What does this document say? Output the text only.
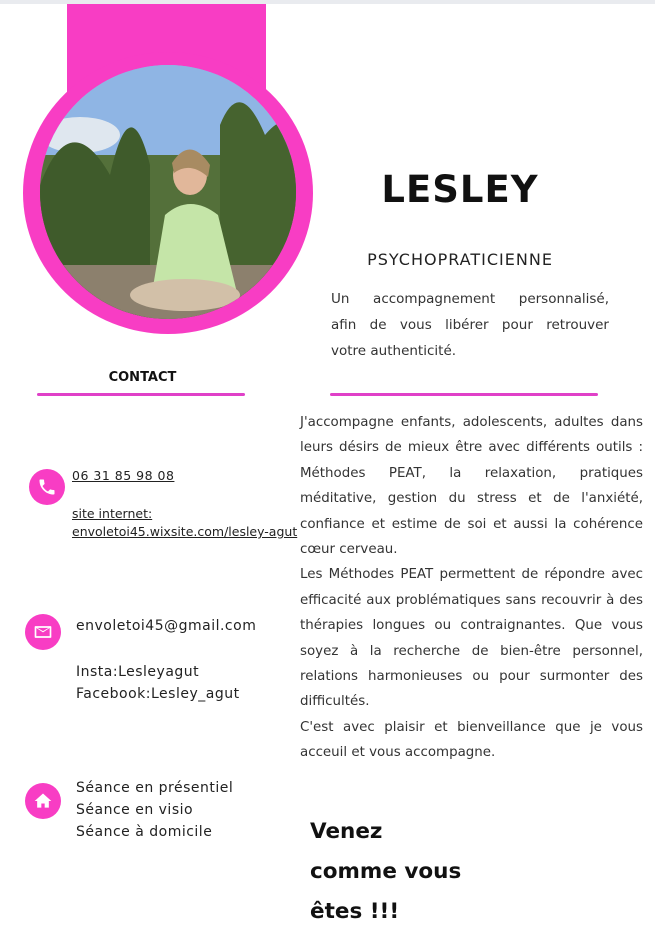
LESLEY
PSYCHOPRATICIENNE

Un accompagnement personnalisé,
afin de vous libérer pour retrouver
votre authenticité.

CONTACT
06 31 85 98 08
site internet:
envoletoi45.wixsite.com/lesley-agut
envoletoi45@gmail.com
Insta:Lesleyagut
Facebook:Lesley_agut
Séance en présentiel
Séance en visio
Séance à domicile

J'accompagne enfants, adolescents, adultes dans leurs désirs de mieux être avec différents outils : Méthodes PEAT, la relaxation, pratiques méditative, gestion du stress et de l'anxiété, confiance et estime de soi et aussi la cohérence cœur cerveau.

Les Méthodes PEAT permettent de répondre avec efficacité aux problématiques sans recouvrir à des thérapies longues ou contraignantes. Que vous soyez à la recherche de bien-être personnel, relations harmonieuses ou pour surmonter des difficultés.

C'est avec plaisir et bienveillance que je vous acceuil et vous accompagne.

Venez
comme vous
êtes !!!
